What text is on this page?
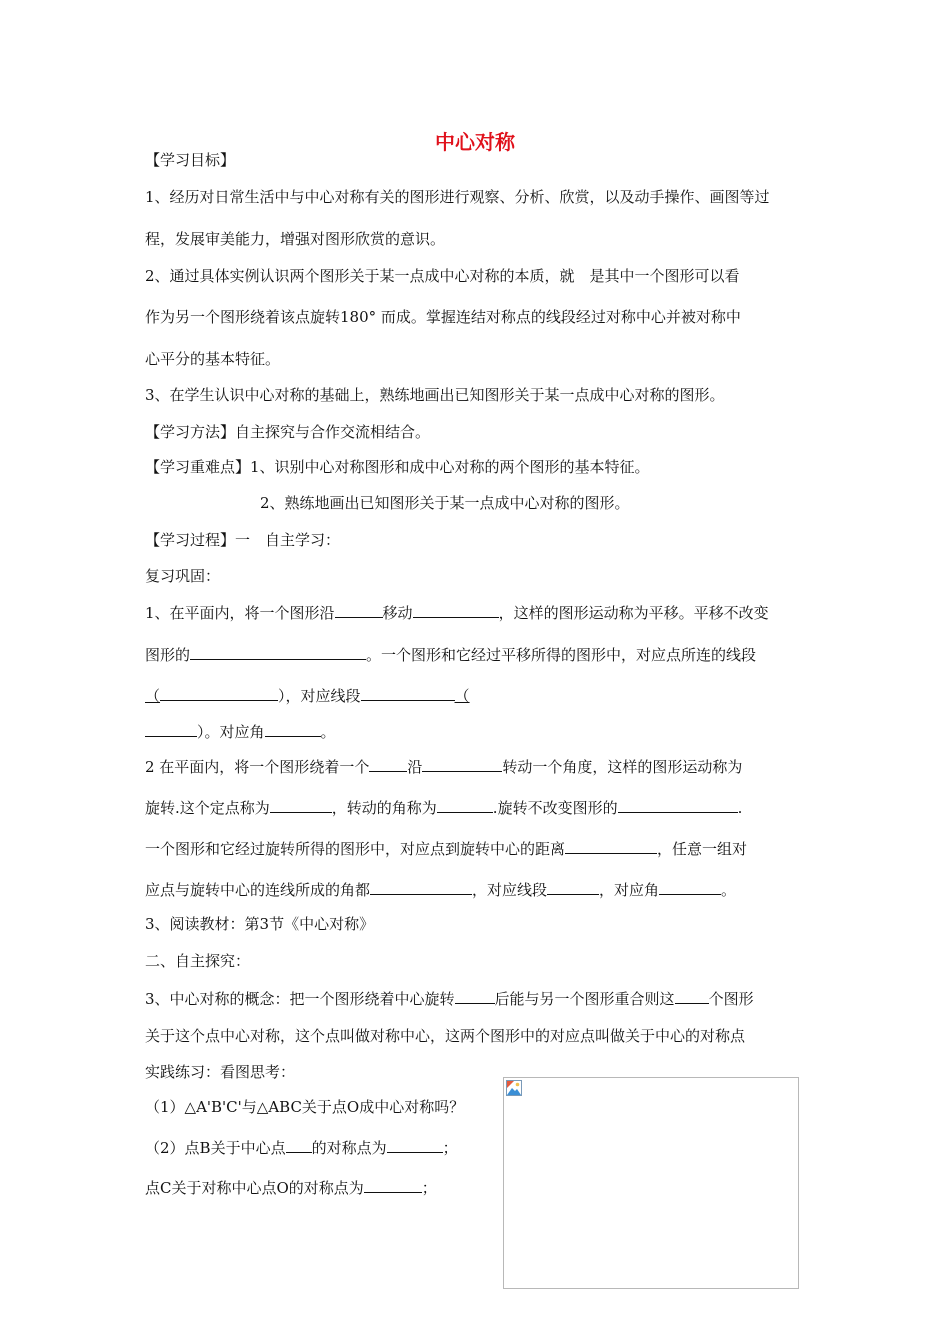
中心对称
【学习目标】
1、经历对日常生活中与中心对称有关的图形进行观察、分析、欣赏，以及动手操作、画图等过
程，发展审美能力，增强对图形欣赏的意识。
2、通过具体实例认识两个图形关于某一点成中心对称的本质，就　是其中一个图形可以看
作为另一个图形绕着该点旋转180° 而成。掌握连结对称点的线段经过对称中心并被对称中
心平分的基本特征。
3、在学生认识中心对称的基础上，熟练地画出已知图形关于某一点成中心对称的图形。
【学习方法】自主探究与合作交流相结合。
【学习重难点】1、识别中心对称图形和成中心对称的两个图形的基本特征。
2、熟练地画出已知图形关于某一点成中心对称的图形。
【学习过程】一　自主学习：
复习巩固：
1、在平面内，将一个图形沿	移动	，这样的图形运动称为平移。平移不改变
图形的	。一个图形和它经过平移所得的图形中，对应点所连的线段
（	），对应线段	（
）。对应角	。
2 在平面内，将一个图形绕着一个	沿	转动一个角度，这样的图形运动称为
旋转.这个定点称为	，转动的角称为	.旋转不改变图形的	.
一个图形和它经过旋转所得的图形中，对应点到旋转中心的距离	，任意一组对
应点与旋转中心的连线所成的角都	，对应线段	，对应角	。
3、阅读教材：第3节《中心对称》
二、自主探究：
3、中心对称的概念：把一个图形绕着中心旋转	后能与另一个图形重合则这 个图形
关于这个点中心对称，这个点叫做对称中心，这两个图形中的对应点叫做关于中心的对称点
实践练习：看图思考：
（1）△A'B'C'与△ABC关于点O成中心对称吗？
（2）点B关于中心点 的对称点为	；
点C关于对称中心点O的对称点为	；
